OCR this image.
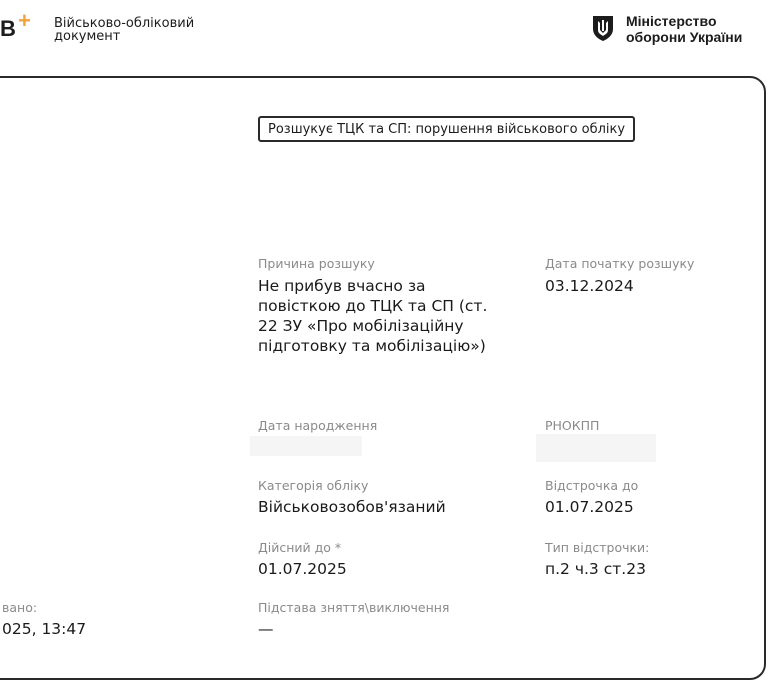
В + Військово-обліковий документ
Міністерство оборони України
Розшукує ТЦК та СП: порушення військового обліку
Причина розшуку
Не прибув вчасно за повісткою до ТЦК та СП (ст. 22 ЗУ «Про мобілізаційну підготовку та мобілізацію»)
Дата початку розшуку
03.12.2024
Дата народження	РНОКПП
Категорія обліку
Військовозобов'язаний
Відстрочка до
01.07.2025
Дійсний до *
01.07.2025
Тип відстрочки:
п.2 ч.3 ст.23
Підстава зняття\виключення
—
вано:
025, 13:47
